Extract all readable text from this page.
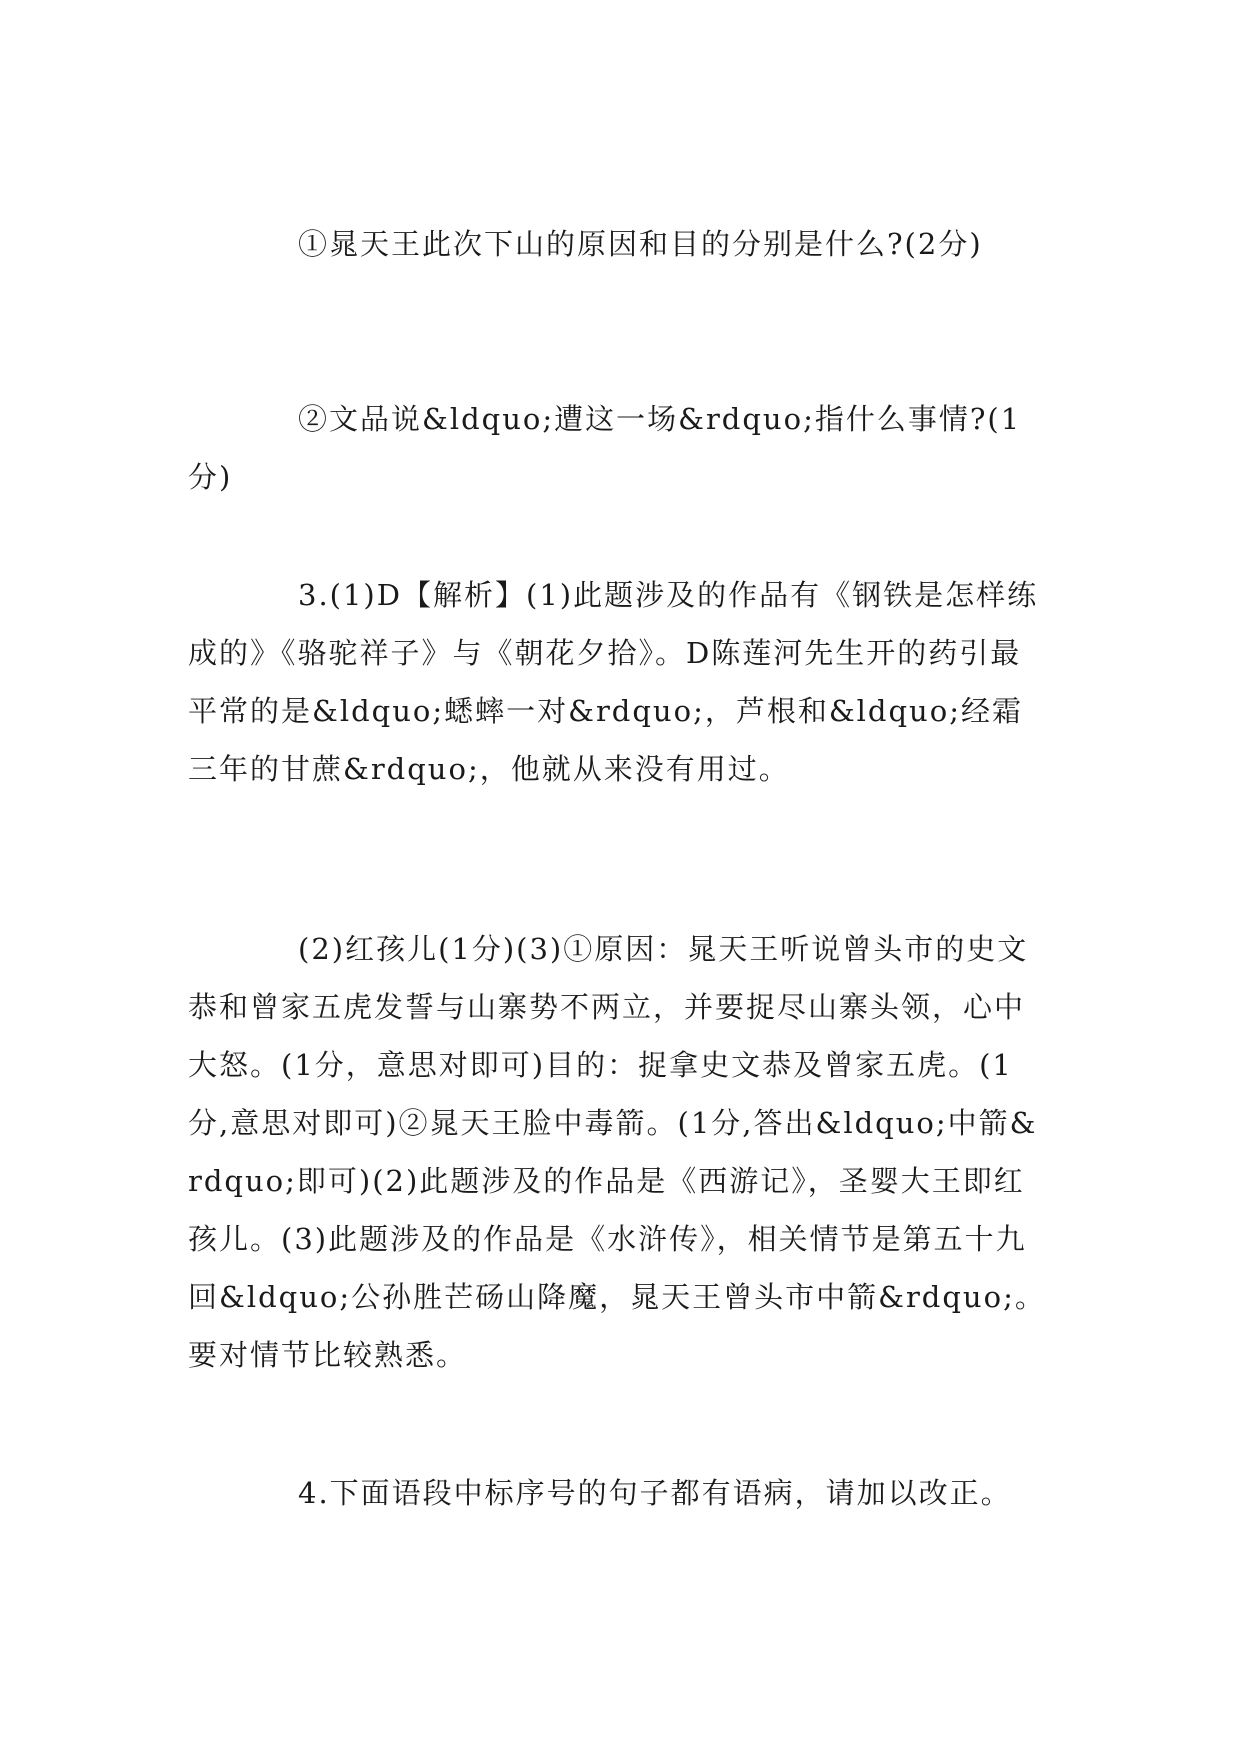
①晁天王此次下山的原因和目的分别是什么?(2分)

②文品说&ldquo;遭这一场&rdquo;指什么事情?(1分)

3.(1)D【解析】(1)此题涉及的作品有《钢铁是怎样练成的》《骆驼祥子》与《朝花夕拾》。D陈莲河先生开的药引最平常的是&ldquo;蟋蟀一对&rdquo;，芦根和&ldquo;经霜三年的甘蔗&rdquo;，他就从来没有用过。

(2)红孩儿(1分)(3)①原因：晁天王听说曾头市的史文恭和曾家五虎发誓与山寨势不两立，并要捉尽山寨头领，心中大怒。(1分，意思对即可)目的：捉拿史文恭及曾家五虎。(1分,意思对即可)②晁天王脸中毒箭。(1分,答出&ldquo;中箭&rdquo;即可)(2)此题涉及的作品是《西游记》，圣婴大王即红孩儿。(3)此题涉及的作品是《水浒传》，相关情节是第五十九回&ldquo;公孙胜芒砀山降魔，晁天王曾头市中箭&rdquo;。要对情节比较熟悉。

4.下面语段中标序号的句子都有语病，请加以改正。
